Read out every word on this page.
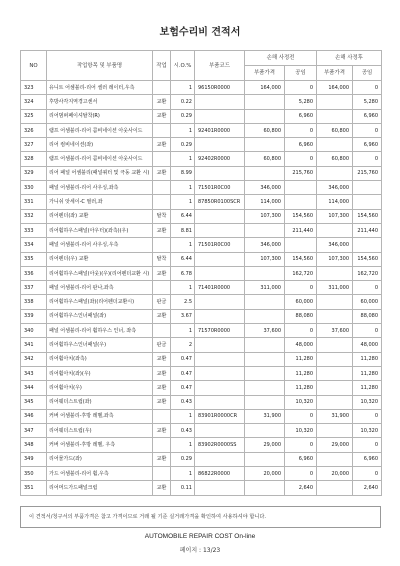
보험수리비 견적서
NO	작업항목 및 부품명	작업	시.O.%	부품코드	손해 사정전		손해 사정후	
					부품가격	공임	부품가격	공임
323	유니트 어셈블리-리어 셀러 레이터,우측		1	96150R0000	164,000	0	164,000	0
324	후방사각지역경고센서	교환	0.22			5,280		5,280
325	리어범퍼페이셔탈착(R)	교환	0.29			6,960		6,960
326	램프 어셈블리-리어 콤비네이션 아웃사이드		1	92401R0000	60,800	0	60,800	0
327	리어 컴비네이션(좌)	교환	0.29			6,960		6,960
328	램프 어셈블리-리어 콤비네이션 아웃사이드		1	92402R0000	60,800	0	60,800	0
329	리어 패널 어셈블리(패널쿼터 및 극동 교환 시)	교환	8.99			215,760		215,760
330	패널 어셈블리-리어 사우싱,좌측		1	71501R0C00	346,000		346,000	
331	가니쉬 앗세이-C 필러,좌		1	87850R0100SCR	114,000		114,000	
332	리어펜더(좌) 교환	탈착	6.44		107,300	154,560	107,300	154,560
333	리어휠하우스패널(아우터)(좌측)(우)	교환	8.81			211,440		211,440
334	패널 어셈블리-리어 사우싱,우측		1	71501R0C00	346,000		346,000	
335	리어펜더(우) 교환	탈착	6.44		107,300	154,560	107,300	154,560
336	리어휠하우스패널(아웃)(우)(리어펜더교환 시)	교환	6.78			162,720		162,720
337	패널 어셈블리-리어 판나,좌측		1	71401R0000	311,000	0	311,000	0
338	리어휠하우스패널(좌)(리어펜더교환시)	판금	2.5			60,000		60,000
339	리어휠하우스인너패널(좌)	교환	3.67			88,080		88,080
340	패널 어셈블리-리어 휠하우스 인너, 좌측		1	71570R0000	37,600	0	37,600	0
341	리어휠하우스인너패널(우)	판금	2			48,000		48,000
342	리어휠아치(좌측)	교환	0.47			11,280		11,280
343	리어휠아치(좌)(우)	교환	0.47			11,280		11,280
344	리어휠아치(우)	교환	0.47			11,280		11,280
345	리어웨더스트립(좌)	교환	0.43			10,320		10,320
346	커버 어셈블리-후방 레벨,좌측		1	83901R0000CR	31,900	0	31,900	0
347	리어웨더스트립(우)	교환	0.43			10,320		10,320
348	커버 어셈블리-후방 레벨, 우측		1	83902R0000SS	29,000	0	29,000	0
349	리어물가드(좌)	교환	0.29			6,960		6,960
350	가드 어셈블리-리어 휠,우측		1	86822R0000	20,000	0	20,000	0
351	리어머드가드패널크립	교환	0.11			2,640		2,640
이 견적서/청구서의 부품가격은 참고 가격이므로 거래 될 기준 실거래가격을 확인하여 사용하셔야 합니다.
AUTOMOBILE REPAIR COST On-line
페이지 : 13/23
